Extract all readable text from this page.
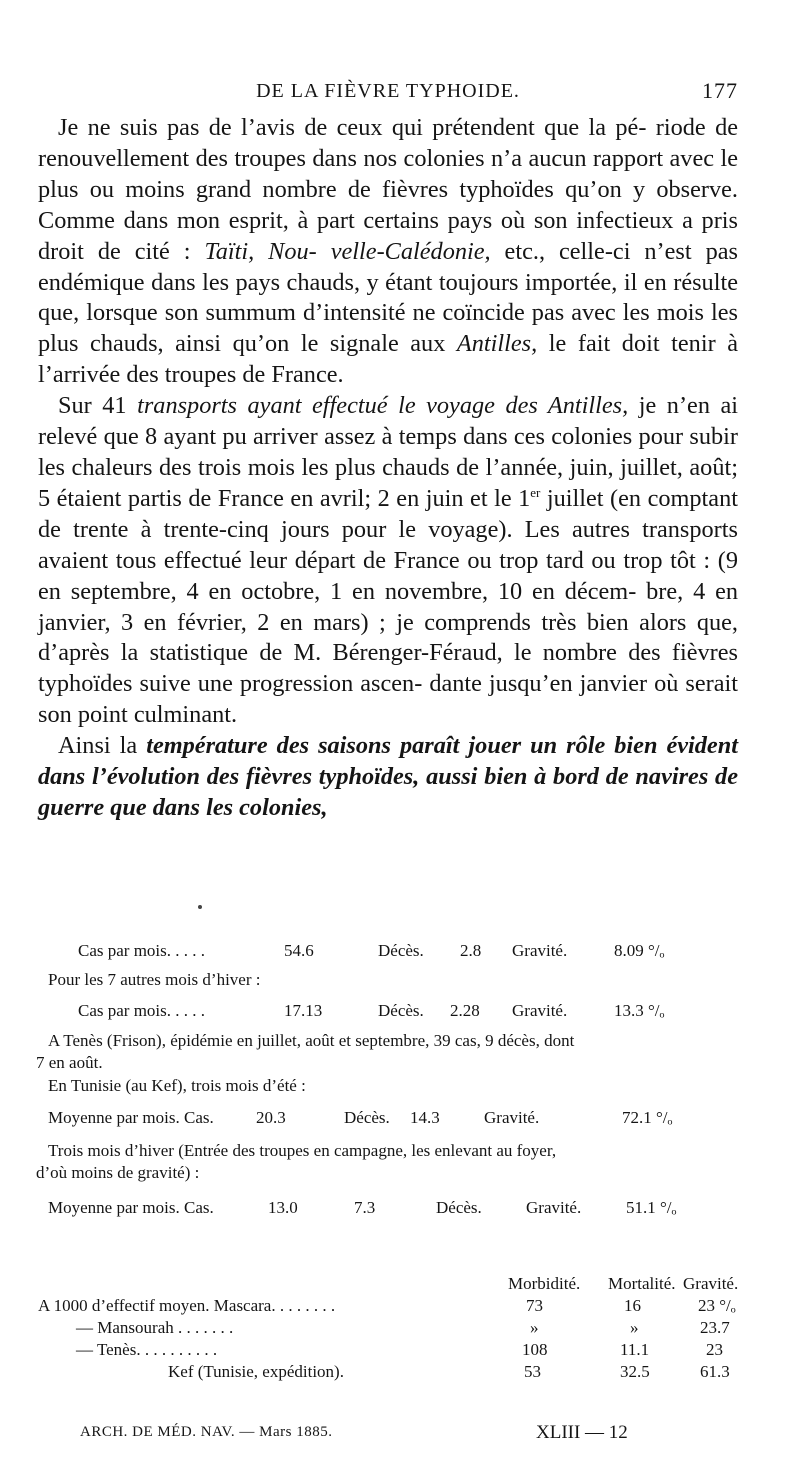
DE LA FIÈVRE TYPHOIDE.	177

Je ne suis pas de l’avis de ceux qui prétendent que la pé- riode de renouvellement des troupes dans nos colonies n’a aucun rapport avec le plus ou moins grand nombre de fièvres typhoïdes qu’on y observe. Comme dans mon esprit, à part certains pays où son infectieux a pris droit de cité : Taïti, Nou- velle-Calédonie, etc., celle-ci n’est pas endémique dans les pays chauds, y étant toujours importée, il en résulte que, lorsque son summum d’intensité ne coïncide pas avec les mois les plus chauds, ainsi qu’on le signale aux Antilles, le fait doit tenir à l’arrivée des troupes de France.

Sur 41 transports ayant effectué le voyage des Antilles, je n’en ai relevé que 8 ayant pu arriver assez à temps dans ces colonies pour subir les chaleurs des trois mois les plus chauds de l’année, juin, juillet, août; 5 étaient partis de France en avril; 2 en juin et le 1er juillet (en comptant de trente à trente-cinq jours pour le voyage). Les autres transports avaient tous effectué leur départ de France ou trop tard ou trop tôt : (9 en septembre, 4 en octobre, 1 en novembre, 10 en décem- bre, 4 en janvier, 3 en février, 2 en mars) ; je comprends très bien alors que, d’après la statistique de M. Bérenger-Féraud, le nombre des fièvres typhoïdes suive une progression ascen- dante jusqu’en janvier où serait son point culminant.

Ainsi la température des saisons paraît jouer un rôle bien évident dans l’évolution des fièvres typhoïdes, aussi bien à bord de navires de guerre que dans les colonies,

Cas par mois. . . . .	54.6	Décès. 2.8 Gravité.	8.09 °/ₒ
Pour les 7 autres mois d’hiver :
Cas par mois. . . . .	17.13	Décès. 2.28 Gravité.	13.3 °/ₒ
A Tenès (Frison), épidémie en juillet, août et septembre, 39 cas, 9 décès, dont
7 en août.
En Tunisie (au Kef), trois mois d’été :
Moyenne par mois. Cas. 20.3	Décès. 14.3	Gravité.	72.1 °/ₒ
Trois mois d’hiver (Entrée des troupes en campagne, les enlevant au foyer,
d’où moins de gravité) :
Moyenne par mois. Cas.	13.0	7.3	Décès.	Gravité.	51.1 °/ₒ
Morbidité. Mortalité. Gravité.
A 1000 d’effectif moyen. Mascara. . . . . . . .	73	16	23 °/ₒ
— Mansourah . . . . . . .	»	»	23.7
— Tenès. . . . . . . . . .	108	11.1	23
Kef (Tunisie, expédition).	53	32.5	61.3
ARCH. DE MÉD. NAV. — Mars 1885.	XLIII — 12
